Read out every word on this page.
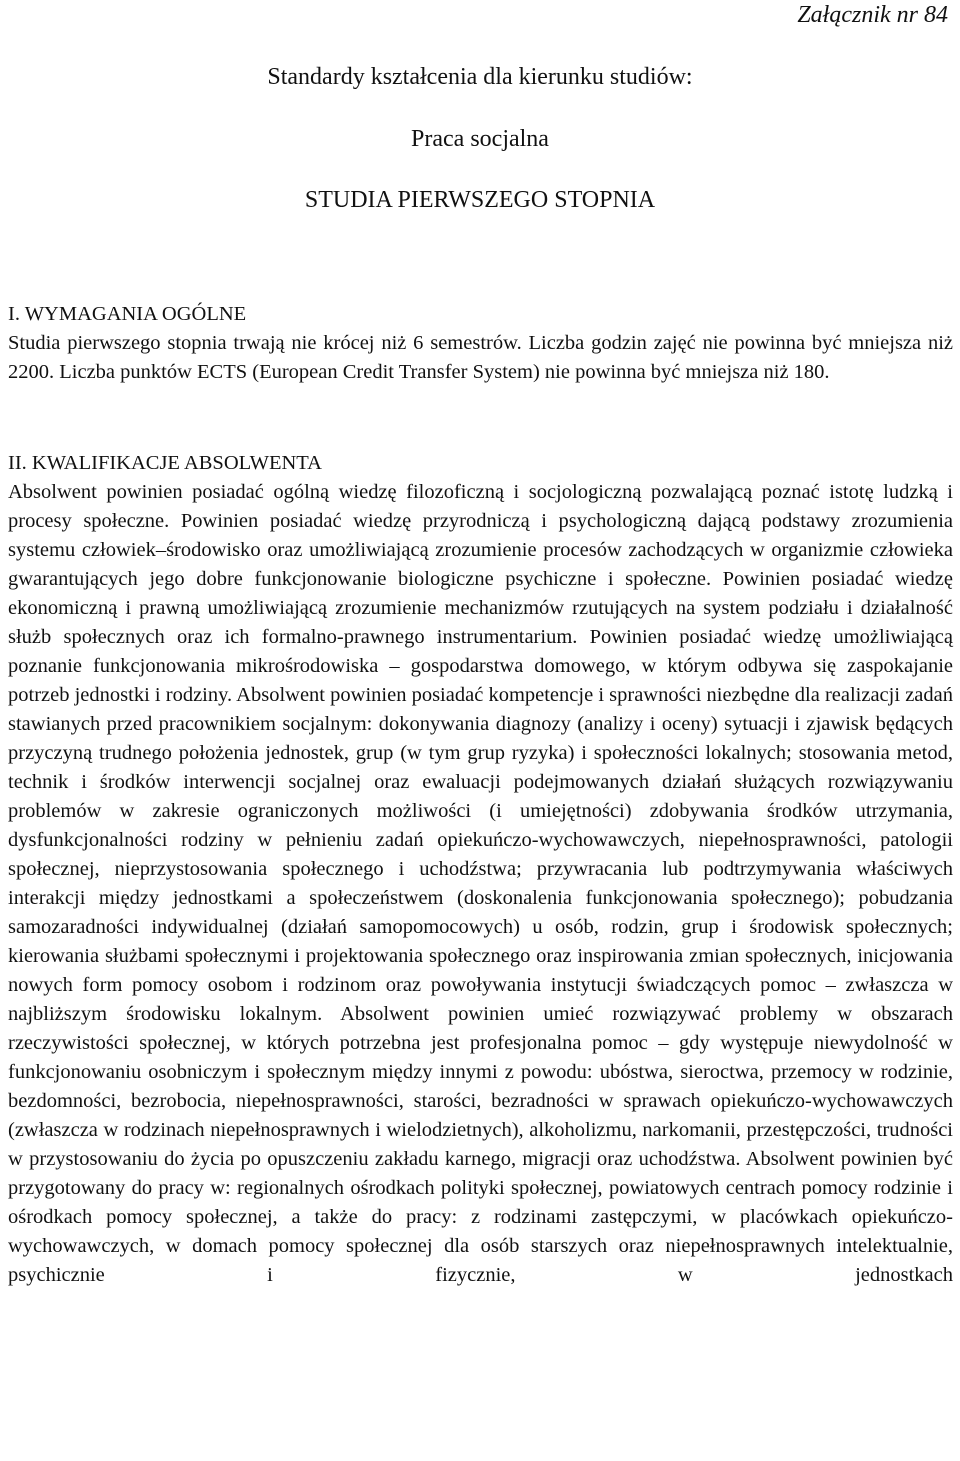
Załącznik nr 84
Standardy kształcenia dla kierunku studiów:
Praca socjalna
STUDIA PIERWSZEGO STOPNIA
I. WYMAGANIA OGÓLNE

Studia pierwszego stopnia trwają nie krócej niż 6 semestrów. Liczba godzin zajęć nie powinna być mniejsza niż 2200. Liczba punktów ECTS (European Credit Transfer System) nie powinna być mniejsza niż 180.

II. KWALIFIKACJE ABSOLWENTA

Absolwent powinien posiadać ogólną wiedzę filozoficzną i socjologiczną pozwalającą poznać istotę ludzką i procesy społeczne. Powinien posiadać wiedzę przyrodniczą i psychologiczną dającą podstawy zrozumienia systemu człowiek–środowisko oraz umożliwiającą zrozumienie procesów zachodzących w organizmie człowieka gwarantujących jego dobre funkcjonowanie biologiczne psychiczne i społeczne. Powinien posiadać wiedzę ekonomiczną i prawną umożliwiającą zrozumienie mechanizmów rzutujących na system podziału i działalność służb społecznych oraz ich formalno-prawnego instrumentarium. Powinien posiadać wiedzę umożliwiającą poznanie funkcjonowania mikrośrodowiska – gospodarstwa domowego, w którym odbywa się zaspokajanie potrzeb jednostki i rodziny. Absolwent powinien posiadać kompetencje i sprawności niezbędne dla realizacji zadań stawianych przed pracownikiem socjalnym: dokonywania diagnozy (analizy i oceny) sytuacji i zjawisk będących przyczyną trudnego położenia jednostek, grup (w tym grup ryzyka) i społeczności lokalnych; stosowania metod, technik i środków interwencji socjalnej oraz ewaluacji podejmowanych działań służących rozwiązywaniu problemów w zakresie ograniczonych możliwości (i umiejętności) zdobywania środków utrzymania, dysfunkcjonalności rodziny w pełnieniu zadań opiekuńczo-wychowawczych, niepełnosprawności, patologii społecznej, nieprzystosowania społecznego i uchodźstwa; przywracania lub podtrzymywania właściwych interakcji między jednostkami a społeczeństwem (doskonalenia funkcjonowania społecznego); pobudzania samozaradności indywidualnej (działań samopomocowych) u osób, rodzin, grup i środowisk społecznych; kierowania służbami społecznymi i projektowania społecznego oraz inspirowania zmian społecznych, inicjowania nowych form pomocy osobom i rodzinom oraz powoływania instytucji świadczących pomoc – zwłaszcza w najbliższym środowisku lokalnym. Absolwent powinien umieć rozwiązywać problemy w obszarach rzeczywistości społecznej, w których potrzebna jest profesjonalna pomoc – gdy występuje niewydolność w funkcjonowaniu osobniczym i społecznym między innymi z powodu: ubóstwa, sieroctwa, przemocy w rodzinie, bezdomności, bezrobocia, niepełnosprawności, starości, bezradności w sprawach opiekuńczo-wychowawczych (zwłaszcza w rodzinach niepełnosprawnych i wielodzietnych), alkoholizmu, narkomanii, przestępczości, trudności w przystosowaniu do życia po opuszczeniu zakładu karnego, migracji oraz uchodźstwa. Absolwent powinien być przygotowany do pracy w: regionalnych ośrodkach polityki społecznej, powiatowych centrach pomocy rodzinie i ośrodkach pomocy społecznej, a także do pracy: z rodzinami zastępczymi, w placówkach opiekuńczo-wychowawczych, w domach pomocy społecznej dla osób starszych oraz niepełnosprawnych intelektualnie, psychicznie i fizycznie, w jednostkach
